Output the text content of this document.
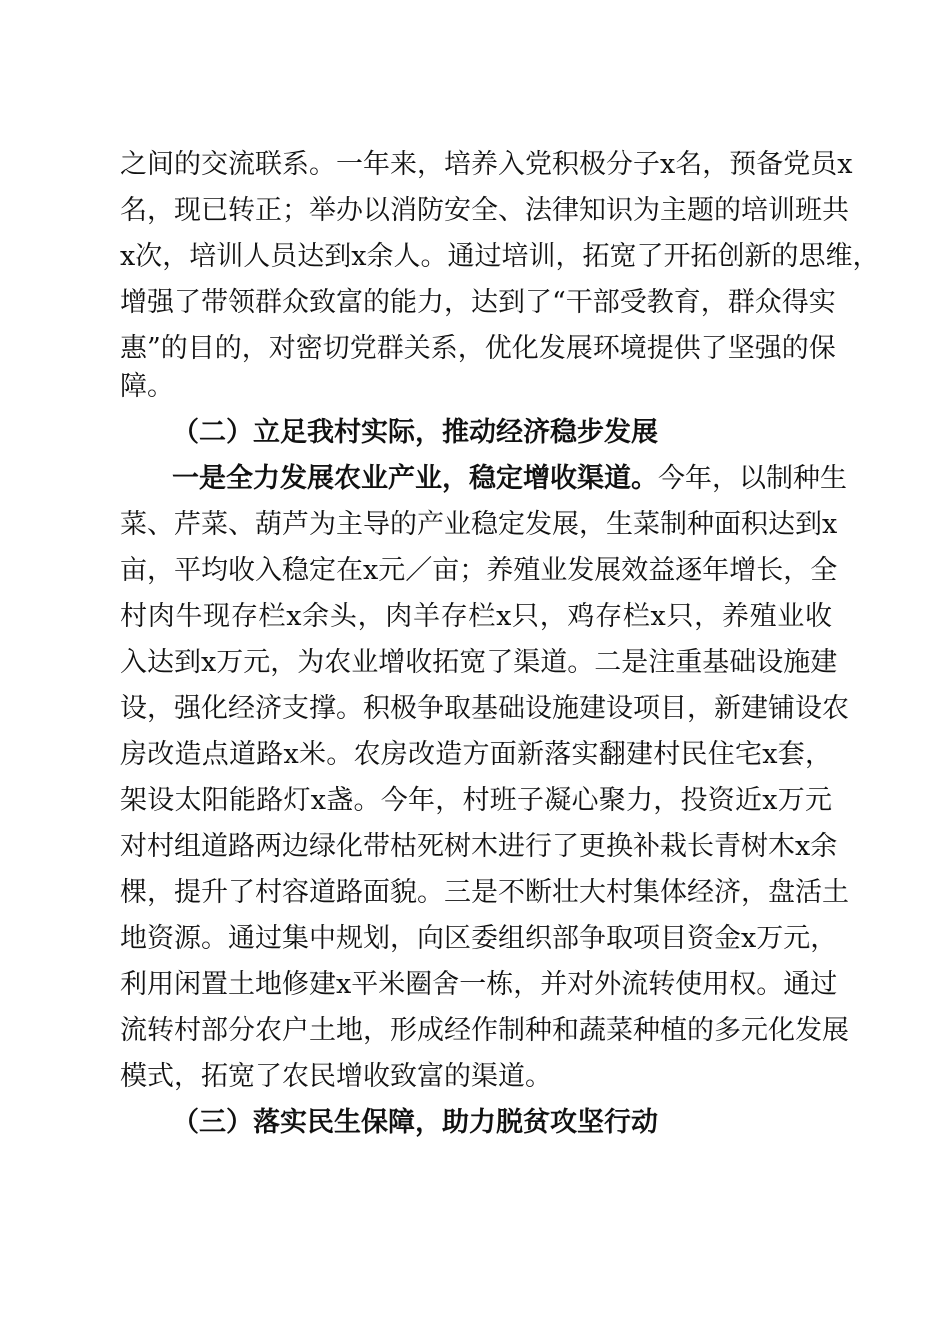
之间的交流联系。一年来，培养入党积极分子x名，预备党员x
名，现已转正；举办以消防安全、法律知识为主题的培训班共
x次，培训人员达到x余人。通过培训，拓宽了开拓创新的思维，
增强了带领群众致富的能力，达到了“干部受教育，群众得实
惠”的目的，对密切党群关系，优化发展环境提供了坚强的保
障。
（二）立足我村实际，推动经济稳步发展
一是全力发展农业产业，稳定增收渠道。今年，以制种生
菜、芹菜、葫芦为主导的产业稳定发展，生菜制种面积达到x
亩，平均收入稳定在x元／亩；养殖业发展效益逐年增长，全
村肉牛现存栏x余头，肉羊存栏x只，鸡存栏x只，养殖业收
入达到x万元，为农业增收拓宽了渠道。二是注重基础设施建
设，强化经济支撑。积极争取基础设施建设项目，新建铺设农
房改造点道路x米。农房改造方面新落实翻建村民住宅x套，
架设太阳能路灯x盏。今年，村班子凝心聚力，投资近x万元
对村组道路两边绿化带枯死树木进行了更换补栽长青树木x余
棵，提升了村容道路面貌。三是不断壮大村集体经济，盘活土
地资源。通过集中规划，向区委组织部争取项目资金x万元，
利用闲置土地修建x平米圈舍一栋，并对外流转使用权。通过
流转村部分农户土地，形成经作制种和蔬菜种植的多元化发展
模式，拓宽了农民增收致富的渠道。
（三）落实民生保障，助力脱贫攻坚行动
